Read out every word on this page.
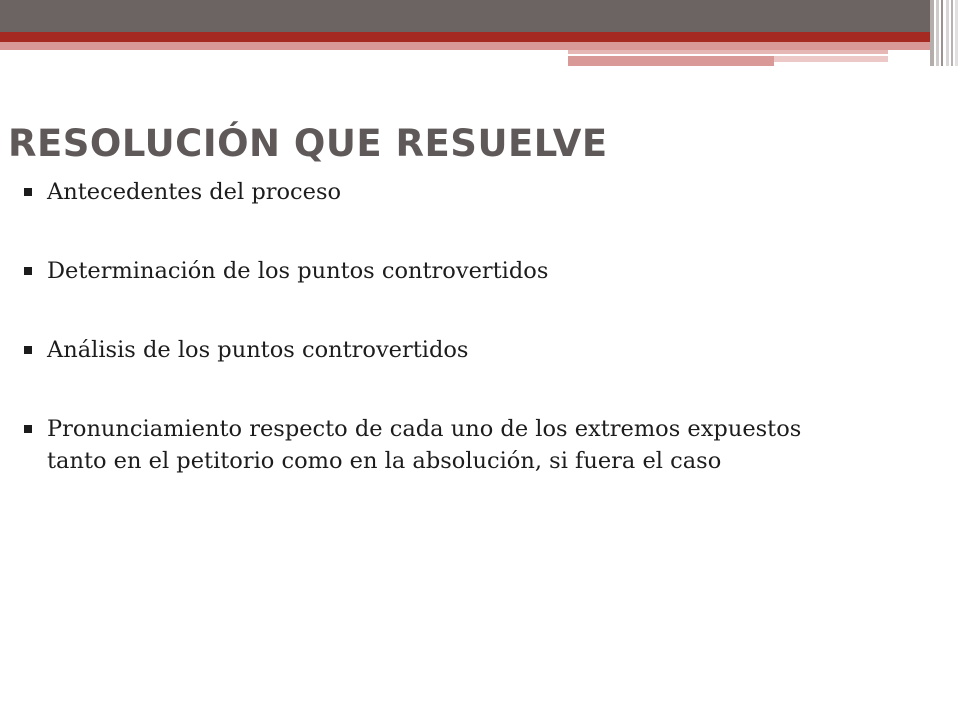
RESOLUCIÓN QUE RESUELVE
Antecedentes del proceso
Determinación de los puntos controvertidos
Análisis de los puntos controvertidos
Pronunciamiento respecto de cada uno de los extremos expuestos tanto en el petitorio como en la absolución, si fuera el caso
